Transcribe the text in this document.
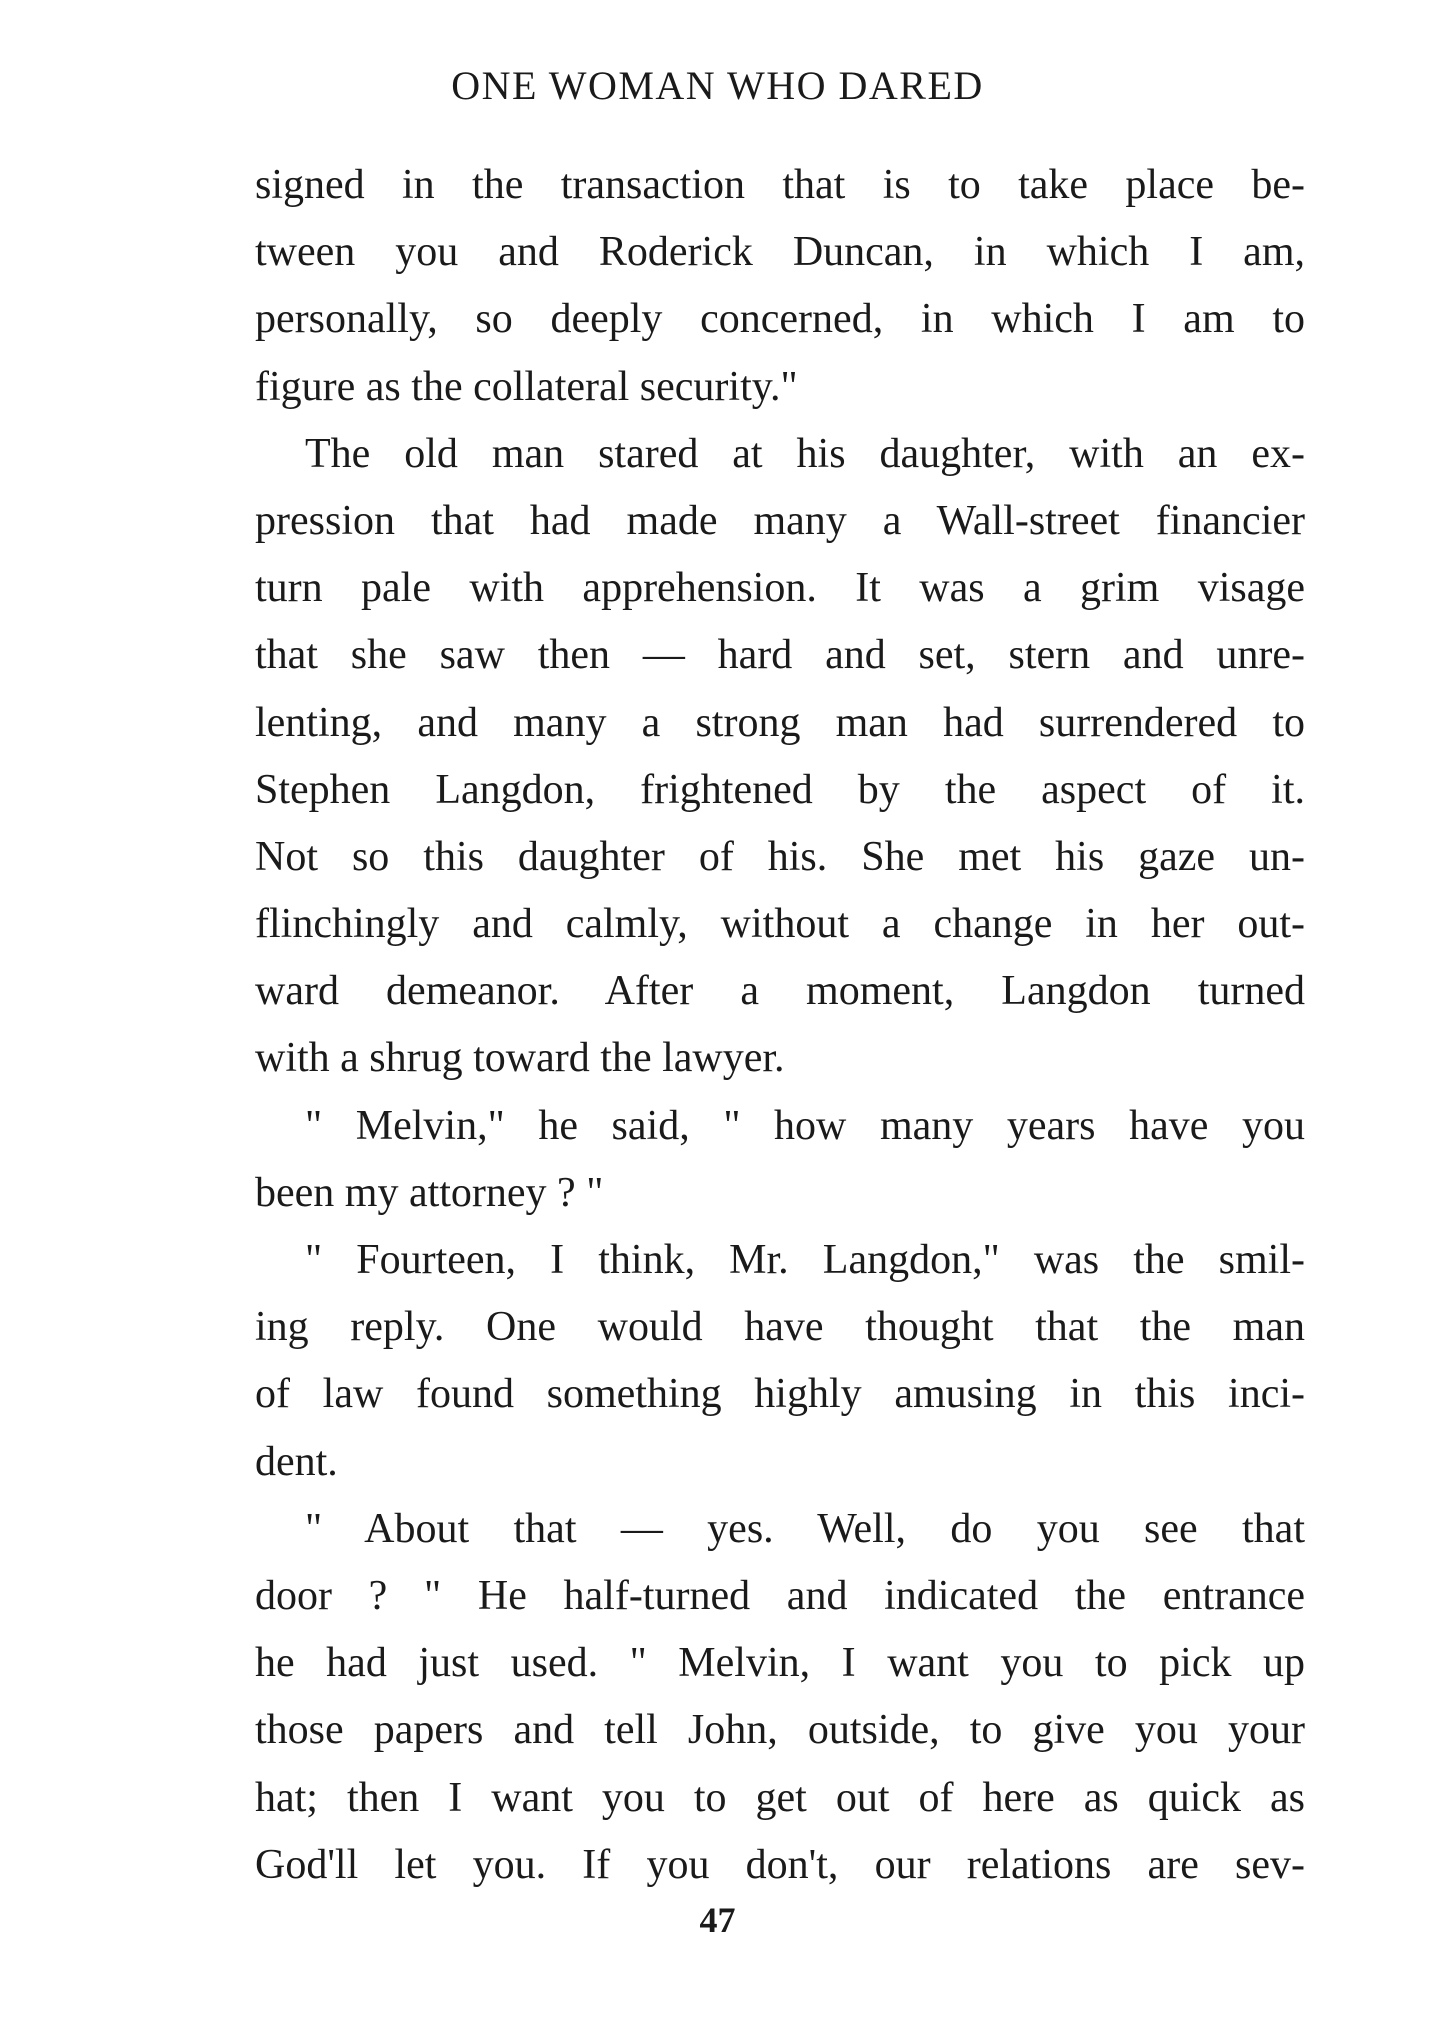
ONE WOMAN WHO DARED
signed in the transaction that is to take place be-
tween you and Roderick Duncan, in which I am,
personally, so deeply concerned, in which I am to
figure as the collateral security."
The old man stared at his daughter, with an ex-
pression that had made many a Wall-street financier
turn pale with apprehension. It was a grim visage
that she saw then — hard and set, stern and unre-
lenting, and many a strong man had surrendered to
Stephen Langdon, frightened by the aspect of it.
Not so this daughter of his. She met his gaze un-
flinchingly and calmly, without a change in her out-
ward demeanor. After a moment, Langdon turned
with a shrug toward the lawyer.
" Melvin," he said, " how many years have you
been my attorney ? "
" Fourteen, I think, Mr. Langdon," was the smil-
ing reply. One would have thought that the man
of law found something highly amusing in this inci-
dent.
" About that — yes. Well, do you see that
door ? " He half-turned and indicated the entrance
he had just used. " Melvin, I want you to pick up
those papers and tell John, outside, to give you your
hat; then I want you to get out of here as quick as
God'll let you. If you don't, our relations are sev-
47
